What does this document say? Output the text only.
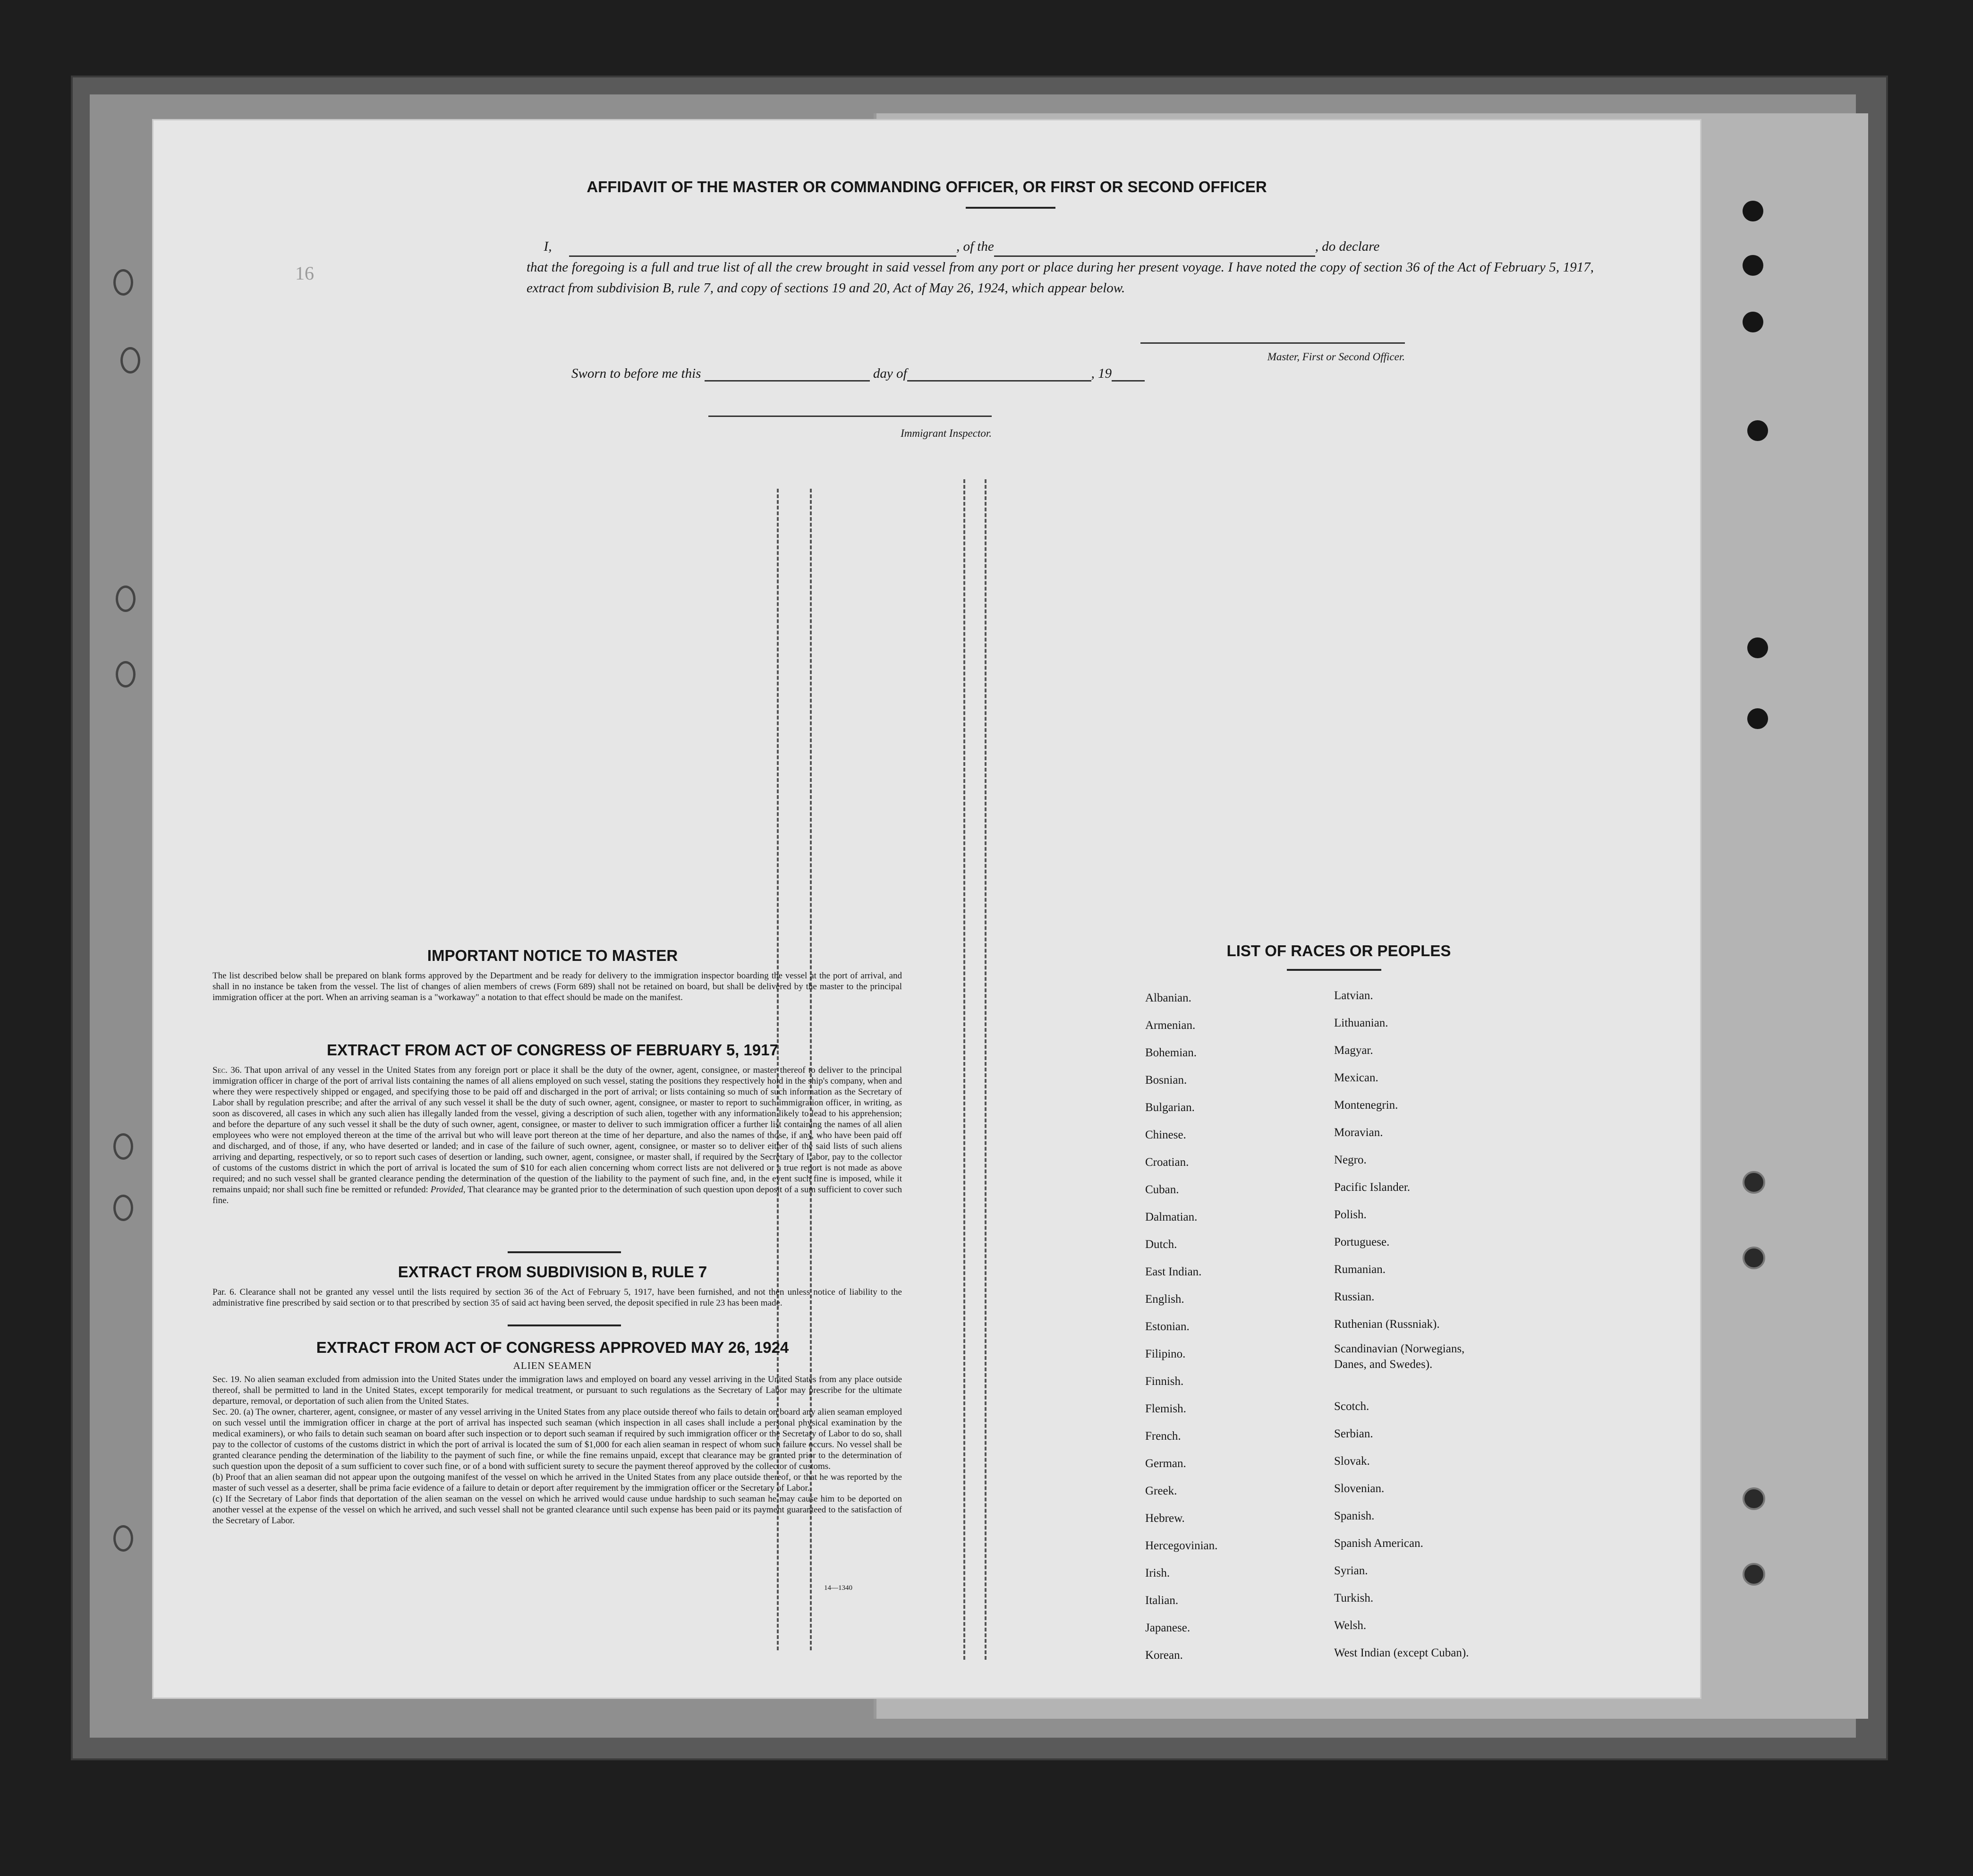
AFFIDAVIT OF THE MASTER OR COMMANDING OFFICER, OR FIRST OR SECOND OFFICER
I,	, of the	, do declare
that the foregoing is a full and true list of all the crew brought in said vessel from any port or place during her present voyage. I have noted the copy of section 36 of the Act of February 5, 1917, extract from subdivision B, rule 7, and copy of sections 19 and 20, Act of May 26, 1924, which appear below.
Master, First or Second Officer.
Sworn to before me this	day of	, 19
Immigrant Inspector.
16
IMPORTANT NOTICE TO MASTER
The list described below shall be prepared on blank forms approved by the Department and be ready for delivery to the immigration inspector boarding the vessel at the port of arrival, and shall in no instance be taken from the vessel. The list of changes of alien members of crews (Form 689) shall not be retained on board, but shall be delivered by the master to the principal immigration officer at the port. When an arriving seaman is a "workaway" a notation to that effect should be made on the manifest.
EXTRACT FROM ACT OF CONGRESS OF FEBRUARY 5, 1917
Sec. 36. That upon arrival of any vessel in the United States from any foreign port or place it shall be the duty of the owner, agent, consignee, or master thereof to deliver to the principal immigration officer in charge of the port of arrival lists containing the names of all aliens employed on such vessel, stating the positions they respectively hold in the ship's company, when and where they were respectively shipped or engaged, and specifying those to be paid off and discharged in the port of arrival; or lists containing so much of such information as the Secretary of Labor shall by regulation prescribe; and after the arrival of any such vessel it shall be the duty of such owner, agent, consignee, or master to report to such immigration officer, in writing, as soon as discovered, all cases in which any such alien has illegally landed from the vessel, giving a description of such alien, together with any information likely to lead to his apprehension; and before the departure of any such vessel it shall be the duty of such owner, agent, consignee, or master to deliver to such immigration officer a further list containing the names of all alien employees who were not employed thereon at the time of the arrival but who will leave port thereon at the time of her departure, and also the names of those, if any, who have been paid off and discharged, and of those, if any, who have deserted or landed; and in case of the failure of such owner, agent, consignee, or master so to deliver either of the said lists of such aliens arriving and departing, respectively, or so to report such cases of desertion or landing, such owner, agent, consignee, or master shall, if required by the Secretary of Labor, pay to the collector of customs of the customs district in which the port of arrival is located the sum of $10 for each alien concerning whom correct lists are not delivered or a true report is not made as above required; and no such vessel shall be granted clearance pending the determination of the question of the liability to the payment of such fine, and, in the event such fine is imposed, while it remains unpaid; nor shall such fine be remitted or refunded: Provided, That clearance may be granted prior to the determination of such question upon deposit of a sum sufficient to cover such fine.
EXTRACT FROM SUBDIVISION B, RULE 7
Par. 6. Clearance shall not be granted any vessel until the lists required by section 36 of the Act of February 5, 1917, have been furnished, and not then unless notice of liability to the administrative fine prescribed by said section or to that prescribed by section 35 of said act having been served, the deposit specified in rule 23 has been made.
EXTRACT FROM ACT OF CONGRESS APPROVED MAY 26, 1924
ALIEN SEAMEN
Sec. 19. No alien seaman excluded from admission into the United States under the immigration laws and employed on board any vessel arriving in the United States from any place outside thereof, shall be permitted to land in the United States, except temporarily for medical treatment, or pursuant to such regulations as the Secretary of Labor may prescribe for the ultimate departure, removal, or deportation of such alien from the United States.
Sec. 20. (a) The owner, charterer, agent, consignee, or master of any vessel arriving in the United States from any place outside thereof who fails to detain on board any alien seaman employed on such vessel until the immigration officer in charge at the port of arrival has inspected such seaman (which inspection in all cases shall include a personal physical examination by the medical examiners), or who fails to detain such seaman on board after such inspection or to deport such seaman if required by such immigration officer or the Secretary of Labor to do so, shall pay to the collector of customs of the customs district in which the port of arrival is located the sum of $1,000 for each alien seaman in respect of whom such failure occurs. No vessel shall be granted clearance pending the determination of the liability to the payment of such fine, or while the fine remains unpaid, except that clearance may be granted prior to the determination of such question upon the deposit of a sum sufficient to cover such fine, or of a bond with sufficient surety to secure the payment thereof approved by the collector of customs.
(b) Proof that an alien seaman did not appear upon the outgoing manifest of the vessel on which he arrived in the United States from any place outside thereof, or that he was reported by the master of such vessel as a deserter, shall be prima facie evidence of a failure to detain or deport after requirement by the immigration officer or the Secretary of Labor.
(c) If the Secretary of Labor finds that deportation of the alien seaman on the vessel on which he arrived would cause undue hardship to such seaman he may cause him to be deported on another vessel at the expense of the vessel on which he arrived, and such vessel shall not be granted clearance until such expense has been paid or its payment guaranteed to the satisfaction of the Secretary of Labor.
14—1340
LIST OF RACES OR PEOPLES
Albanian.
Armenian.
Bohemian.
Bosnian.
Bulgarian.
Chinese.
Croatian.
Cuban.
Dalmatian.
Dutch.
East Indian.
English.
Estonian.
Filipino.
Finnish.
Flemish.
French.
German.
Greek.
Hebrew.
Hercegovinian.
Irish.
Italian.
Japanese.
Korean.
Latvian.
Lithuanian.
Magyar.
Mexican.
Montenegrin.
Moravian.
Negro.
Pacific Islander.
Polish.
Portuguese.
Rumanian.
Russian.
Ruthenian (Russniak).
Scandinavian (Norwegians, Danes, and Swedes).
Scotch.
Serbian.
Slovak.
Slovenian.
Spanish.
Spanish American.
Syrian.
Turkish.
Welsh.
West Indian (except Cuban).
